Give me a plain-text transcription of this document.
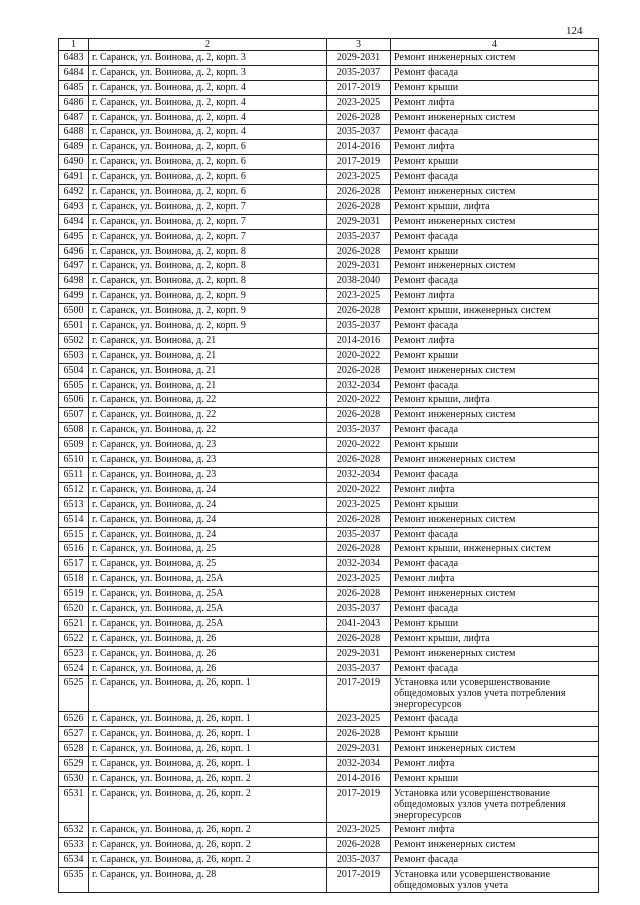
124
1	2	3	4
6483	г. Саранск, ул. Воинова, д. 2, корп. 3	2029-2031	Ремонт инженерных систем
6484	г. Саранск, ул. Воинова, д. 2, корп. 3	2035-2037	Ремонт фасада
6485	г. Саранск, ул. Воинова, д. 2, корп. 4	2017-2019	Ремонт крыши
6486	г. Саранск, ул. Воинова, д. 2, корп. 4	2023-2025	Ремонт лифта
6487	г. Саранск, ул. Воинова, д. 2, корп. 4	2026-2028	Ремонт инженерных систем
6488	г. Саранск, ул. Воинова, д. 2, корп. 4	2035-2037	Ремонт фасада
6489	г. Саранск, ул. Воинова, д. 2, корп. 6	2014-2016	Ремонт лифта
6490	г. Саранск, ул. Воинова, д. 2, корп. 6	2017-2019	Ремонт крыши
6491	г. Саранск, ул. Воинова, д. 2, корп. 6	2023-2025	Ремонт фасада
6492	г. Саранск, ул. Воинова, д. 2, корп. 6	2026-2028	Ремонт инженерных систем
6493	г. Саранск, ул. Воинова, д. 2, корп. 7	2026-2028	Ремонт крыши, лифта
6494	г. Саранск, ул. Воинова, д. 2, корп. 7	2029-2031	Ремонт инженерных систем
6495	г. Саранск, ул. Воинова, д. 2, корп. 7	2035-2037	Ремонт фасада
6496	г. Саранск, ул. Воинова, д. 2, корп. 8	2026-2028	Ремонт крыши
6497	г. Саранск, ул. Воинова, д. 2, корп. 8	2029-2031	Ремонт инженерных систем
6498	г. Саранск, ул. Воинова, д. 2, корп. 8	2038-2040	Ремонт фасада
6499	г. Саранск, ул. Воинова, д. 2, корп. 9	2023-2025	Ремонт лифта
6500	г. Саранск, ул. Воинова, д. 2, корп. 9	2026-2028	Ремонт крыши, инженерных систем
6501	г. Саранск, ул. Воинова, д. 2, корп. 9	2035-2037	Ремонт фасада
6502	г. Саранск, ул. Воинова, д. 21	2014-2016	Ремонт лифта
6503	г. Саранск, ул. Воинова, д. 21	2020-2022	Ремонт крыши
6504	г. Саранск, ул. Воинова, д. 21	2026-2028	Ремонт инженерных систем
6505	г. Саранск, ул. Воинова, д. 21	2032-2034	Ремонт фасада
6506	г. Саранск, ул. Воинова, д. 22	2020-2022	Ремонт крыши, лифта
6507	г. Саранск, ул. Воинова, д. 22	2026-2028	Ремонт инженерных систем
6508	г. Саранск, ул. Воинова, д. 22	2035-2037	Ремонт фасада
6509	г. Саранск, ул. Воинова, д. 23	2020-2022	Ремонт крыши
6510	г. Саранск, ул. Воинова, д. 23	2026-2028	Ремонт инженерных систем
6511	г. Саранск, ул. Воинова, д. 23	2032-2034	Ремонт фасада
6512	г. Саранск, ул. Воинова, д. 24	2020-2022	Ремонт лифта
6513	г. Саранск, ул. Воинова, д. 24	2023-2025	Ремонт крыши
6514	г. Саранск, ул. Воинова, д. 24	2026-2028	Ремонт инженерных систем
6515	г. Саранск, ул. Воинова, д. 24	2035-2037	Ремонт фасада
6516	г. Саранск, ул. Воинова, д. 25	2026-2028	Ремонт крыши, инженерных систем
6517	г. Саранск, ул. Воинова, д. 25	2032-2034	Ремонт фасада
6518	г. Саранск, ул. Воинова, д. 25А	2023-2025	Ремонт лифта
6519	г. Саранск, ул. Воинова, д. 25А	2026-2028	Ремонт инженерных систем
6520	г. Саранск, ул. Воинова, д. 25А	2035-2037	Ремонт фасада
6521	г. Саранск, ул. Воинова, д. 25А	2041-2043	Ремонт крыши
6522	г. Саранск, ул. Воинова, д. 26	2026-2028	Ремонт крыши, лифта
6523	г. Саранск, ул. Воинова, д. 26	2029-2031	Ремонт инженерных систем
6524	г. Саранск, ул. Воинова, д. 26	2035-2037	Ремонт фасада
6525	г. Саранск, ул. Воинова, д. 26, корп. 1	2017-2019	Установка или усовершенствование общедомовых узлов учета потребления энергоресурсов
6526	г. Саранск, ул. Воинова, д. 26, корп. 1	2023-2025	Ремонт фасада
6527	г. Саранск, ул. Воинова, д. 26, корп. 1	2026-2028	Ремонт крыши
6528	г. Саранск, ул. Воинова, д. 26, корп. 1	2029-2031	Ремонт инженерных систем
6529	г. Саранск, ул. Воинова, д. 26, корп. 1	2032-2034	Ремонт лифта
6530	г. Саранск, ул. Воинова, д. 26, корп. 2	2014-2016	Ремонт крыши
6531	г. Саранск, ул. Воинова, д. 26, корп. 2	2017-2019	Установка или усовершенствование общедомовых узлов учета потребления энергоресурсов
6532	г. Саранск, ул. Воинова, д. 26, корп. 2	2023-2025	Ремонт лифта
6533	г. Саранск, ул. Воинова, д. 26, корп. 2	2026-2028	Ремонт инженерных систем
6534	г. Саранск, ул. Воинова, д. 26, корп. 2	2035-2037	Ремонт фасада
6535	г. Саранск, ул. Воинова, д. 28	2017-2019	Установка или усовершенствование общедомовых узлов учета
